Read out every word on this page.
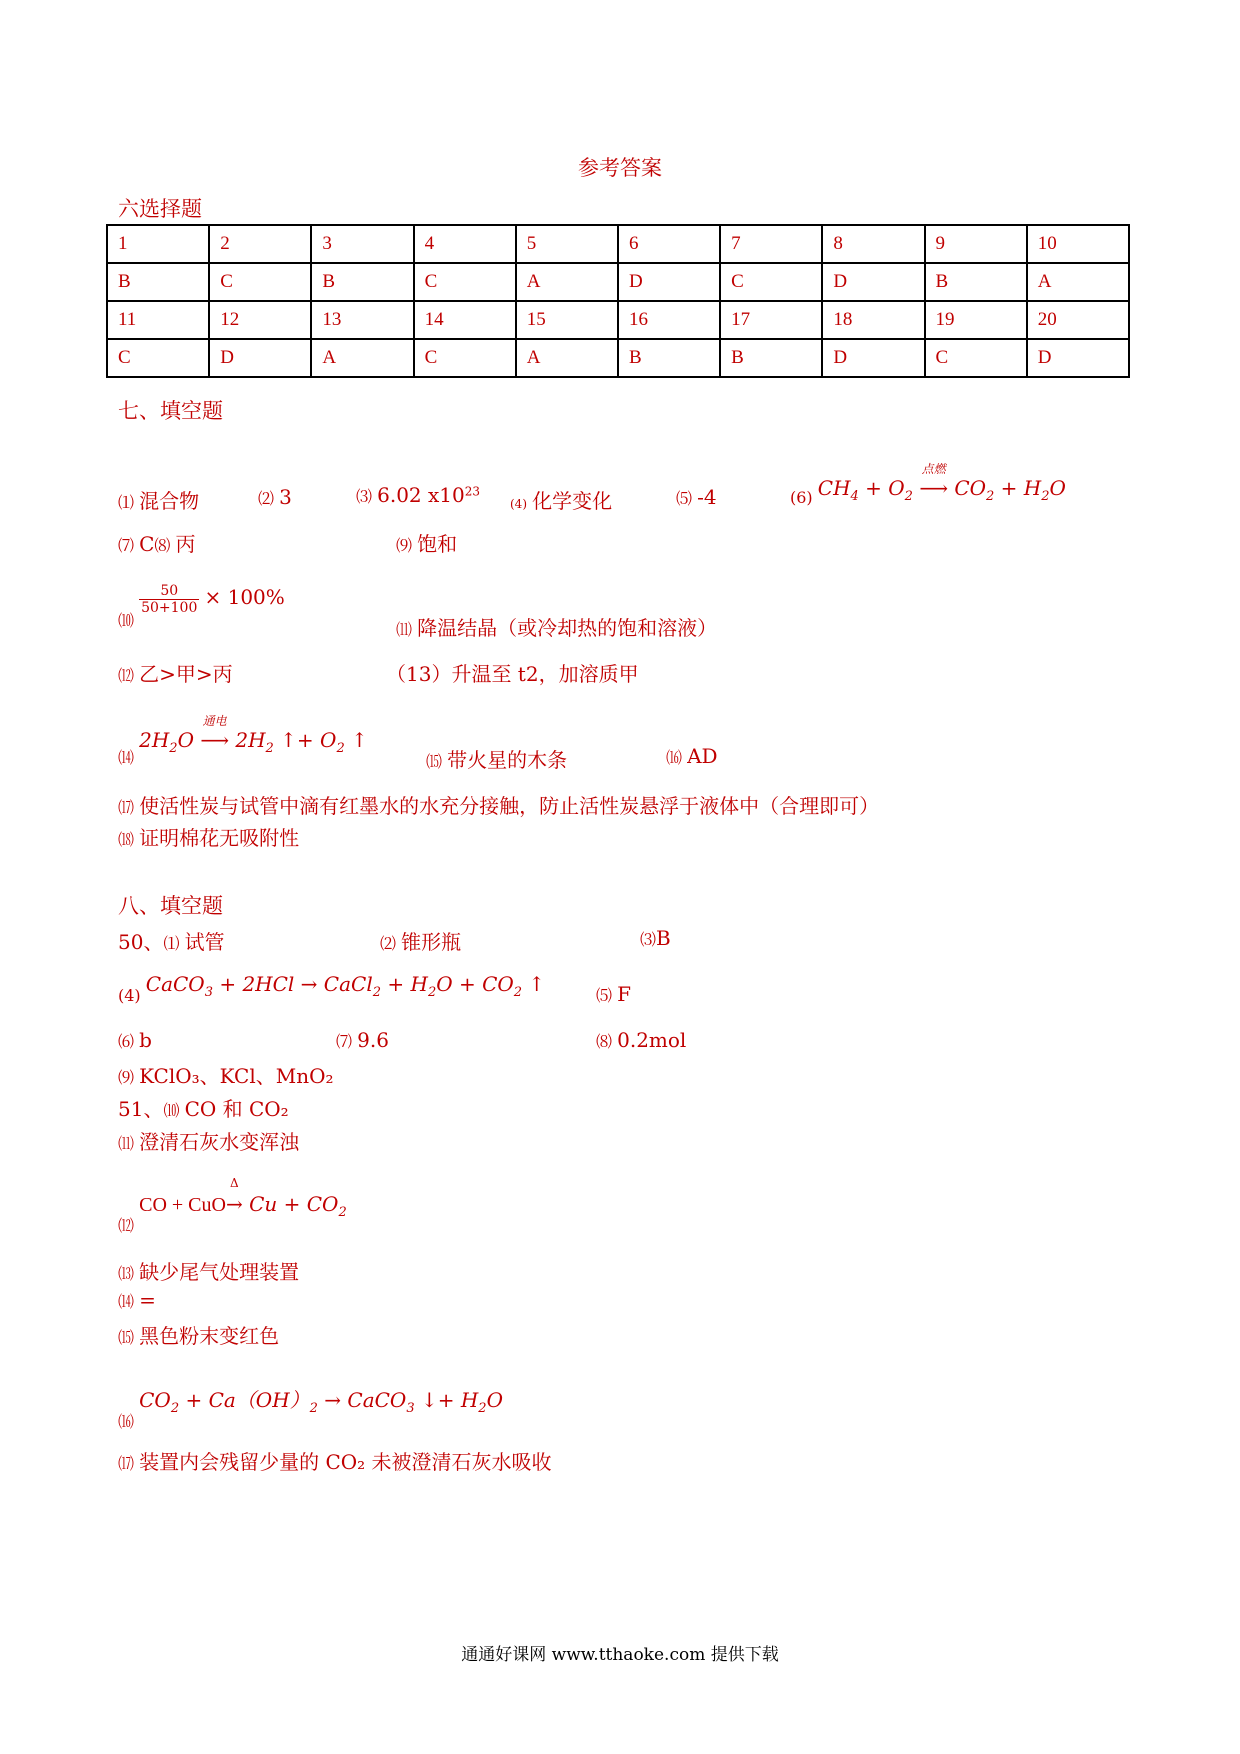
参考答案
六选择题
1	2	3	4	5	6	7	8	9	10
B	C	B	C	A	D	C	D	B	A
11	12	13	14	15	16	17	18	19	20
C	D	A	C	A	B	B	D	C	D
七、填空题
⑴ 混合物	⑵ 3	⑶ 6.02 $x10^{23}$
(4) 化学变化	⑸ -4	(6) $CH_4 + O_2$
点燃
⟶ $CO_2 + H_2O$
⑺ C⑻ 丙	⑼ 饱和
⑽
$\frac{50}{50+100} \times 100\%$
⑾ 降温结晶（或冷却热的饱和溶液）
⑿ 乙>甲>丙	（13）升温至 t2，加溶质甲
⒁ $2H_2O$
通电
⟶ $2H_2$ ↑+ $O_2$ ↑
⒂ 带火星的木条	⒃ AD
⒄ 使活性炭与试管中滴有红墨水的水充分接触，防止活性炭悬浮于液体中（合理即可）
⒅ 证明棉花无吸附性
八、填空题
50、⑴ 试管	⑵ 锥形瓶	⑶B
(4) CaCO$_3$ + 2HCl → CaCl$_2$ + $H_2O + CO_2$ ↑	⑸ F
⑹ b	⑺ 9.6	⑻ 0.2mol
⑼ KClO₃、KCl、MnO₂
51、⑽ CO 和 CO₂
⑾ 澄清石灰水变浑浊
⑿ CO + CuO
Δ
→ $Cu + CO_2$
⒀ 缺少尾气处理装置
⒁ =
⒂ 黑色粉末变红色
⒃ $CO_2 + Ca(OH)_2$ → CaCO$_3$ ↓+ $H_2O$
⒄ 装置内会残留少量的 CO₂ 未被澄清石灰水吸收
通通好课网 www.tthaoke.com 提供下载
